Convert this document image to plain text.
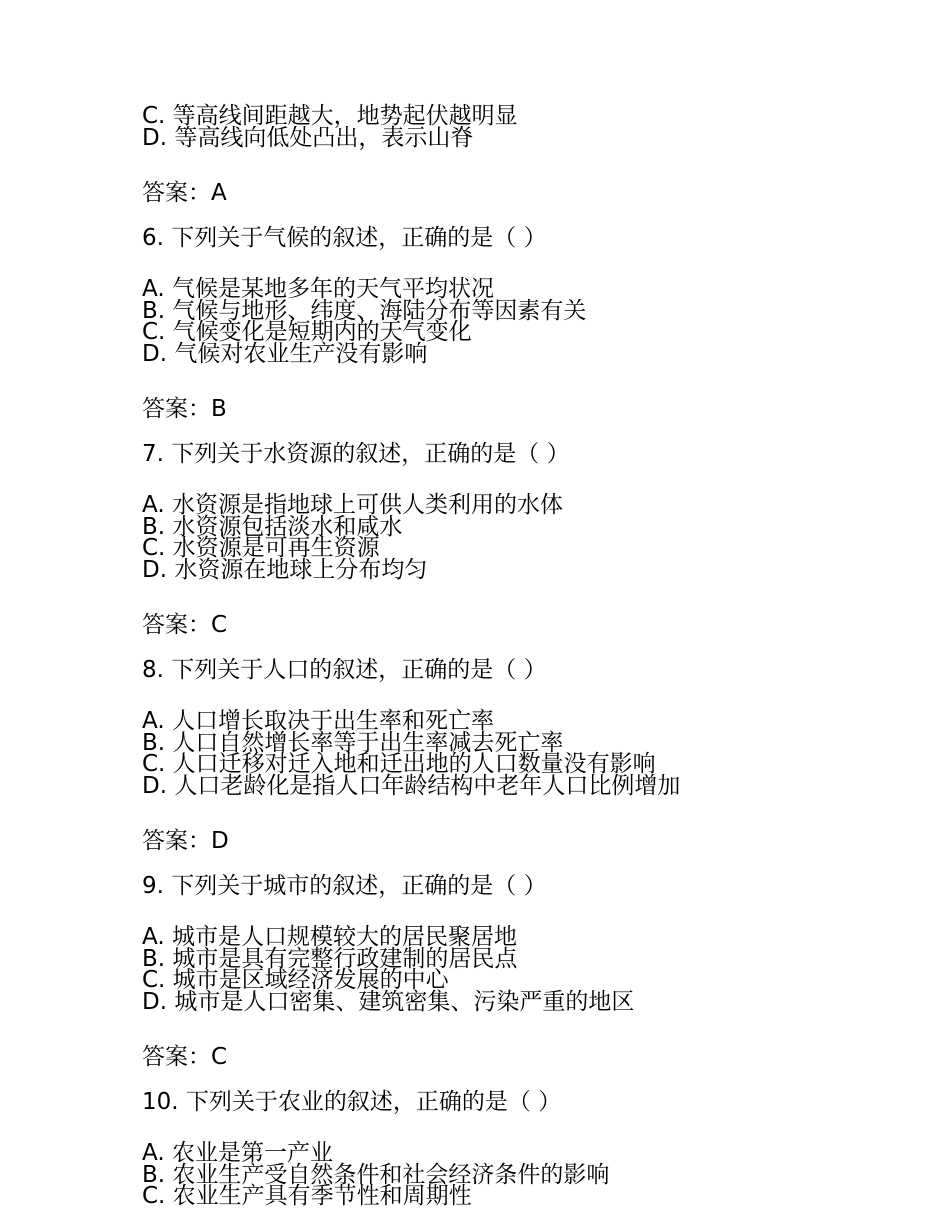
C. 等高线间距越大，地势起伏越明显
D. 等高线向低处凸出，表示山脊
答案：A
6. 下列关于气候的叙述，正确的是（ ）
A. 气候是某地多年的天气平均状况
B. 气候与地形、纬度、海陆分布等因素有关
C. 气候变化是短期内的天气变化
D. 气候对农业生产没有影响
答案：B
7. 下列关于水资源的叙述，正确的是（ ）
A. 水资源是指地球上可供人类利用的水体
B. 水资源包括淡水和咸水
C. 水资源是可再生资源
D. 水资源在地球上分布均匀
答案：C
8. 下列关于人口的叙述，正确的是（ ）
A. 人口增长取决于出生率和死亡率
B. 人口自然增长率等于出生率减去死亡率
C. 人口迁移对迁入地和迁出地的人口数量没有影响
D. 人口老龄化是指人口年龄结构中老年人口比例增加
答案：D
9. 下列关于城市的叙述，正确的是（ ）
A. 城市是人口规模较大的居民聚居地
B. 城市是具有完整行政建制的居民点
C. 城市是区域经济发展的中心
D. 城市是人口密集、建筑密集、污染严重的地区
答案：C
10. 下列关于农业的叙述，正确的是（ ）
A. 农业是第一产业
B. 农业生产受自然条件和社会经济条件的影响
C. 农业生产具有季节性和周期性
